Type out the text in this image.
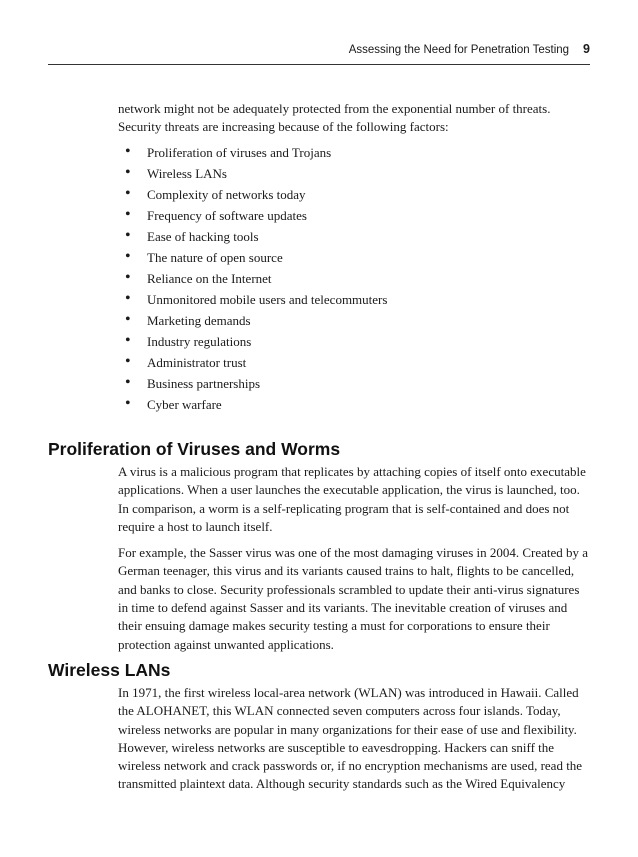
Assessing the Need for Penetration Testing 9

network might not be adequately protected from the exponential number of threats. Security threats are increasing because of the following factors:

• Proliferation of viruses and Trojans
• Wireless LANs
• Complexity of networks today
• Frequency of software updates
• Ease of hacking tools
• The nature of open source
• Reliance on the Internet
• Unmonitored mobile users and telecommuters
• Marketing demands
• Industry regulations
• Administrator trust
• Business partnerships
• Cyber warfare
Proliferation of Viruses and Worms

A virus is a malicious program that replicates by attaching copies of itself onto executable applications. When a user launches the executable application, the virus is launched, too. In comparison, a worm is a self-replicating program that is self-contained and does not require a host to launch itself.

For example, the Sasser virus was one of the most damaging viruses in 2004. Created by a German teenager, this virus and its variants caused trains to halt, flights to be cancelled, and banks to close. Security professionals scrambled to update their anti-virus signatures in time to defend against Sasser and its variants. The inevitable creation of viruses and their ensuing damage makes security testing a must for corporations to ensure their protection against unwanted applications.

Wireless LANs

In 1971, the first wireless local-area network (WLAN) was introduced in Hawaii. Called the ALOHANET, this WLAN connected seven computers across four islands. Today, wireless networks are popular in many organizations for their ease of use and flexibility. However, wireless networks are susceptible to eavesdropping. Hackers can sniff the wireless network and crack passwords or, if no encryption mechanisms are used, read the transmitted plaintext data. Although security standards such as the Wired Equivalency
